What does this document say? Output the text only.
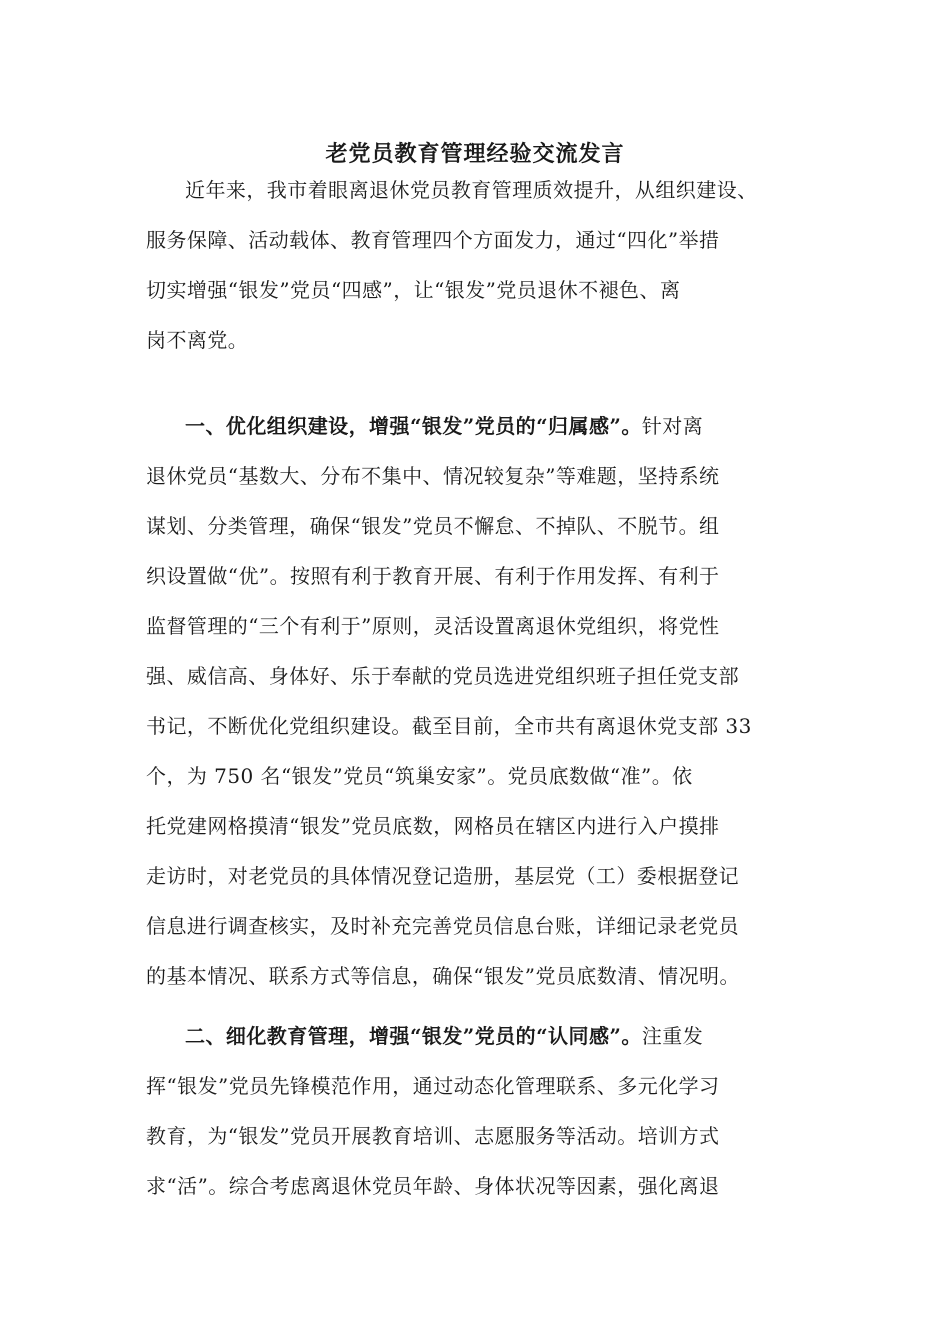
老党员教育管理经验交流发言
近年来，我市着眼离退休党员教育管理质效提升，从组织建设、
服务保障、活动载体、教育管理四个方面发力，通过“四化”举措
切实增强“银发”党员“四感”，让“银发”党员退休不褪色、离
岗不离党。
一、优化组织建设，增强“银发”党员的“归属感”。针对离
退休党员“基数大、分布不集中、情况较复杂”等难题，坚持系统
谋划、分类管理，确保“银发”党员不懈怠、不掉队、不脱节。组
织设置做“优”。按照有利于教育开展、有利于作用发挥、有利于
监督管理的“三个有利于”原则，灵活设置离退休党组织，将党性
强、威信高、身体好、乐于奉献的党员选进党组织班子担任党支部
书记，不断优化党组织建设。截至目前，全市共有离退休党支部 33
个，为 750 名“银发”党员“筑巢安家”。党员底数做“准”。依
托党建网格摸清“银发”党员底数，网格员在辖区内进行入户摸排
走访时，对老党员的具体情况登记造册，基层党（工）委根据登记
信息进行调查核实，及时补充完善党员信息台账，详细记录老党员
的基本情况、联系方式等信息，确保“银发”党员底数清、情况明。
二、细化教育管理，增强“银发”党员的“认同感”。注重发
挥“银发”党员先锋模范作用，通过动态化管理联系、多元化学习
教育，为“银发”党员开展教育培训、志愿服务等活动。培训方式
求“活”。综合考虑离退休党员年龄、身体状况等因素，强化离退
